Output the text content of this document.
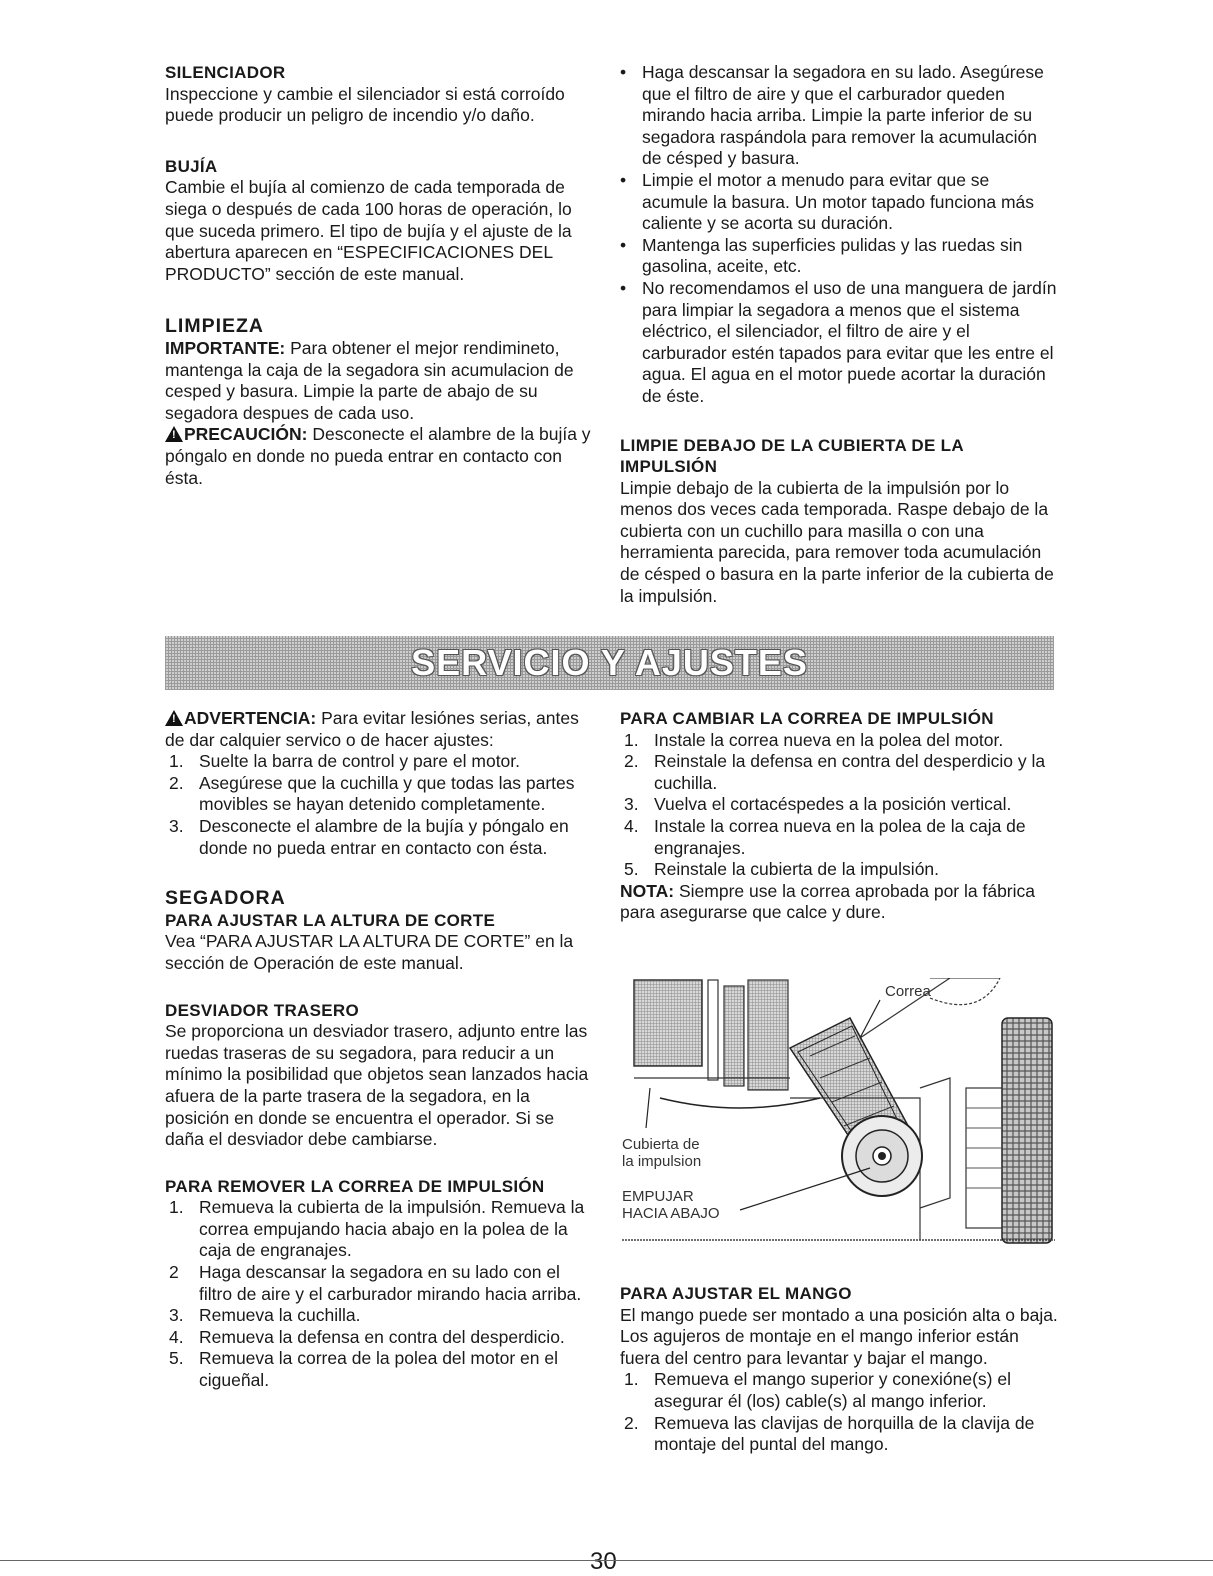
SILENCIADOR

Inspeccione y cambie el silenciador si está corroído puede producir un peligro de incendio y/o daño.

BUJÍA

Cambie el bujía al comienzo de cada temporada de siega o después de cada 100 horas de operación, lo que suceda primero. El tipo de bujía y el ajuste de la abertura aparecen en “ESPECIFICACIONES DEL PRODUCTO” sección de este manual.

LIMPIEZA

IMPORTANTE: Para obtener el mejor rendimineto, mantenga la caja de la segadora sin acumulacion de cesped y basura. Limpie la parte de abajo de su segadora despues de cada uso.

!PRECAUCIÓN: Desconecte el alambre de la bujía y póngalo en donde no pueda entrar en contacto con ésta.

• Haga descansar la segadora en su lado. Asegúrese que el filtro de aire y que el carburador queden mirando hacia arriba. Limpie la parte inferior de su segadora raspándola para remover la acumulación de césped y basura.

• Limpie el motor a menudo para evitar que se acumule la basura. Un motor tapado funciona más caliente y se acorta su duración.

• Mantenga las superficies pulidas y las ruedas sin gasolina, aceite, etc.

• No recomendamos el uso de una manguera de jardín para limpiar la segadora a menos que el sistema eléctrico, el silenciador, el filtro de aire y el carburador estén tapados para evitar que les entre el agua. El agua en el motor puede acortar la duración de éste.

LIMPIE DEBAJO DE LA CUBIERTA DE LA IMPULSIÓN

Limpie debajo de la cubierta de la impulsión por lo menos dos veces cada temporada. Raspe debajo de la cubierta con un cuchillo para masilla o con una herramienta parecida, para remover toda acumulación de césped o basura en la parte inferior de la cubierta de la impulsión.

SERVICIO Y AJUSTES

!ADVERTENCIA: Para evitar lesiónes serias, antes de dar calquier servico o de hacer ajustes:

1. Suelte la barra de control y pare el motor.
2. Asegúrese que la cuchilla y que todas las partes movibles se hayan detenido completamente.
3. Desconecte el alambre de la bujía y póngalo en donde no pueda entrar en contacto con ésta.

SEGADORA

PARA AJUSTAR LA ALTURA DE CORTE

Vea “PARA AJUSTAR LA ALTURA DE CORTE” en la sección de Operación de este manual.

DESVIADOR TRASERO

Se proporciona un desviador trasero, adjunto entre las ruedas traseras de su segadora, para reducir a un mínimo la posibilidad que objetos sean lanzados hacia afuera de la parte trasera de la segadora, en la posición en donde se encuentra el operador. Si se daña el desviador debe cambiarse.

PARA REMOVER LA CORREA DE IMPULSIÓN

1. Remueva la cubierta de la impulsión. Remueva la correa empujando hacia abajo en la polea de la caja de engranajes.
2 Haga descansar la segadora en su lado con el filtro de aire y el carburador mirando hacia arriba.
3. Remueva la cuchilla.
4. Remueva la defensa en contra del desperdicio.
5. Remueva la correa de la polea del motor en el cigueñal.

PARA CAMBIAR LA CORREA DE IMPULSIÓN

1. Instale la correa nueva en la polea del motor.
2. Reinstale la defensa en contra del desperdicio y la cuchilla.
3. Vuelva el cortacéspedes a la posición vertical.
4. Instale la correa nueva en la polea de la caja de engranajes.
5. Reinstale la cubierta de la impulsión.

NOTA: Siempre use la correa aprobada por la fábrica para asegurarse que calce y dure.

Correa
Cubierta de
la impulsion
EMPUJAR
HACIA ABAJO

PARA AJUSTAR EL MANGO

El mango puede ser montado a una posición alta o baja. Los agujeros de montaje en el mango inferior están fuera del centro para levantar y bajar el mango.

1. Remueva el mango superior y conexióne(s) el asegurar él (los) cable(s) al mango inferior.
2. Remueva las clavijas de horquilla de la clavija de montaje del puntal del mango.
30
